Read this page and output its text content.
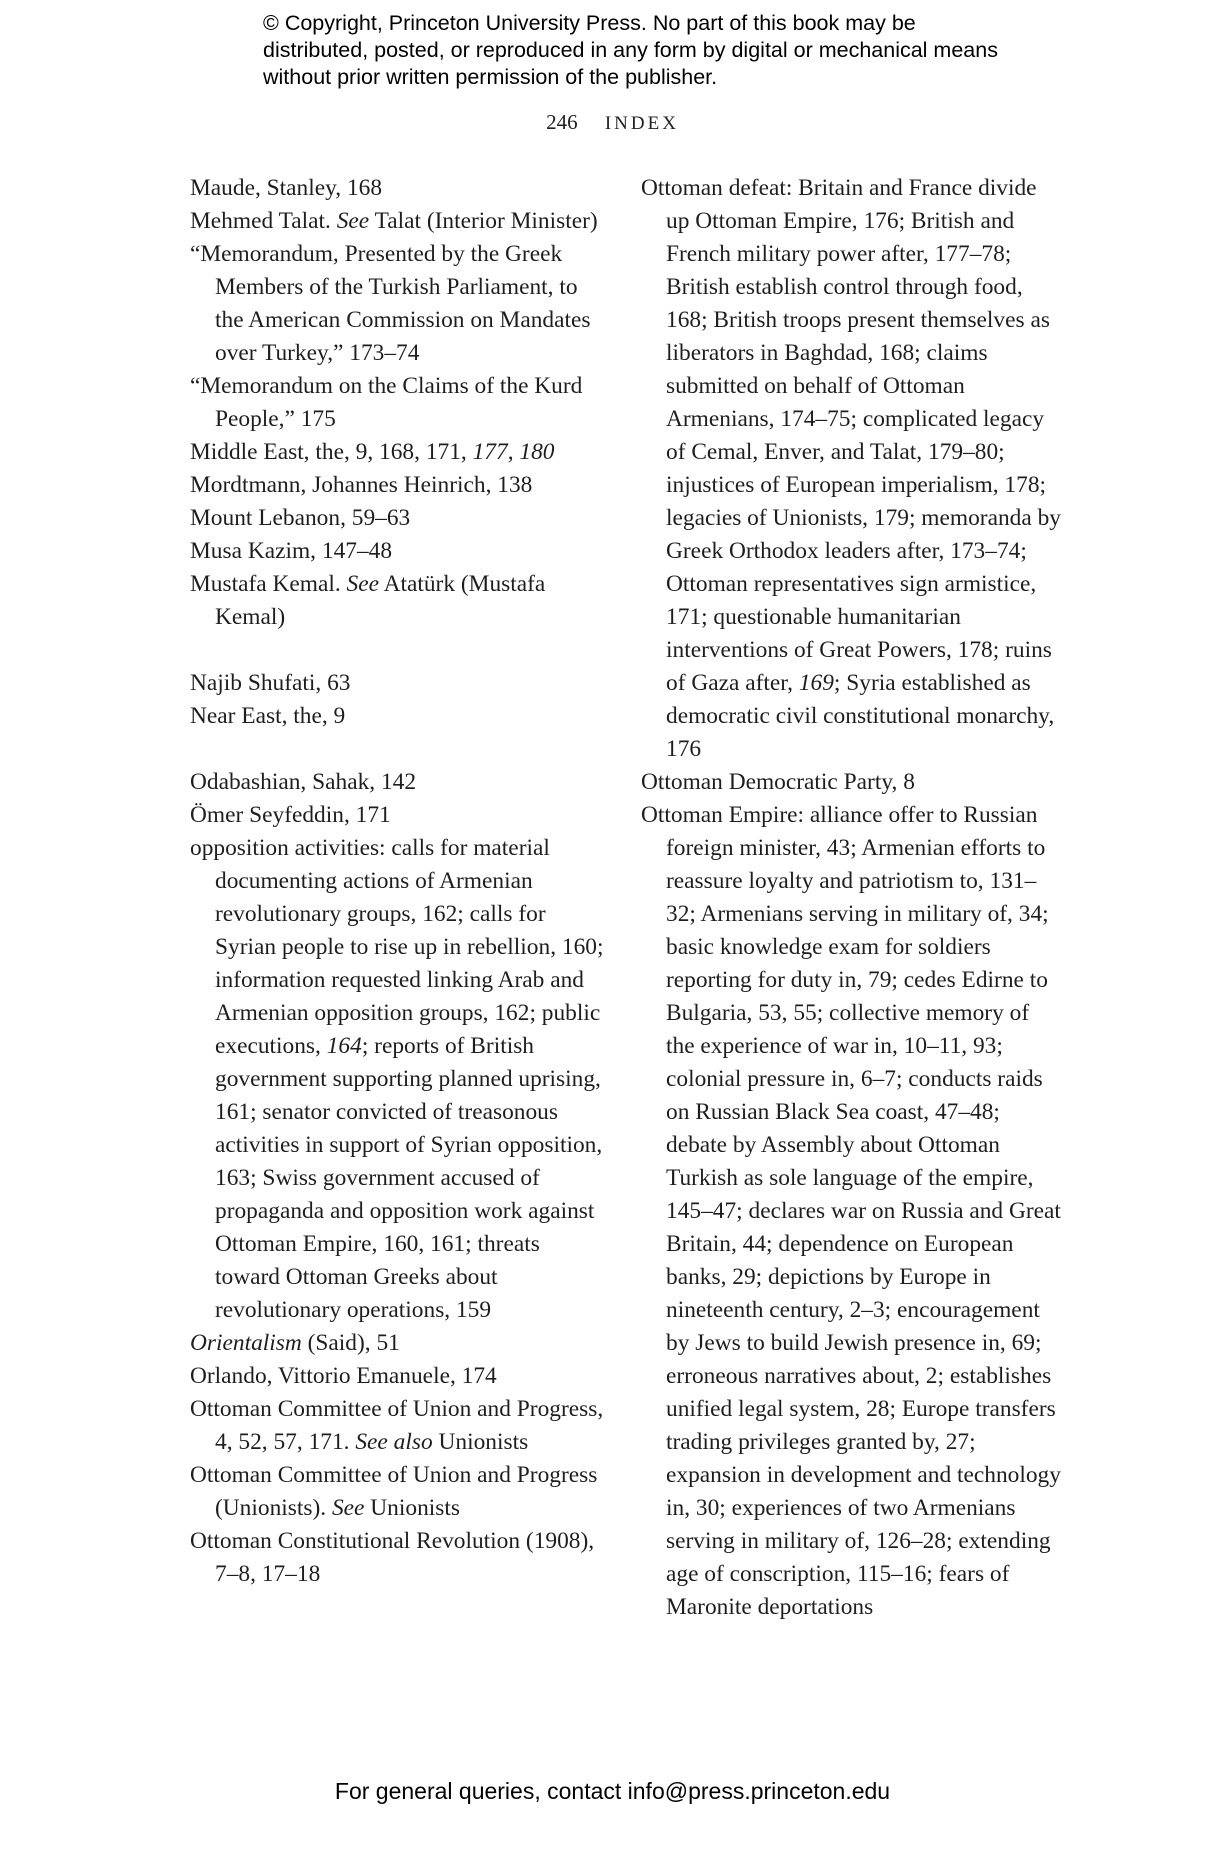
© Copyright, Princeton University Press. No part of this book may be distributed, posted, or reproduced in any form by digital or mechanical means without prior written permission of the publisher.
246 INDEX
Maude, Stanley, 168
Mehmed Talat. See Talat (Interior Minister)
“Memorandum, Presented by the Greek Members of the Turkish Parliament, to the American Commission on Mandates over Turkey,” 173–74
“Memorandum on the Claims of the Kurd People,” 175
Middle East, the, 9, 168, 171, 177, 180
Mordtmann, Johannes Heinrich, 138
Mount Lebanon, 59–63
Musa Kazim, 147–48
Mustafa Kemal. See Atatürk (Mustafa Kemal)
Najib Shufati, 63
Near East, the, 9
Odabashian, Sahak, 142
Ömer Seyfeddin, 171
opposition activities: calls for material documenting actions of Armenian revolutionary groups, 162; calls for Syrian people to rise up in rebellion, 160; information requested linking Arab and Armenian opposition groups, 162; public executions, 164; reports of British government supporting planned uprising, 161; senator convicted of treasonous activities in support of Syrian opposition, 163; Swiss government accused of propaganda and opposition work against Ottoman Empire, 160, 161; threats toward Ottoman Greeks about revolutionary operations, 159
Orientalism (Said), 51
Orlando, Vittorio Emanuele, 174
Ottoman Committee of Union and Progress, 4, 52, 57, 171. See also Unionists
Ottoman Committee of Union and Progress (Unionists). See Unionists
Ottoman Constitutional Revolution (1908), 7–8, 17–18
Ottoman defeat: Britain and France divide up Ottoman Empire, 176; British and French military power after, 177–78; British establish control through food, 168; British troops present themselves as liberators in Baghdad, 168; claims submitted on behalf of Ottoman Armenians, 174–75; complicated legacy of Cemal, Enver, and Talat, 179–80; injustices of European imperialism, 178; legacies of Unionists, 179; memoranda by Greek Orthodox leaders after, 173–74; Ottoman representatives sign armistice, 171; questionable humanitarian interventions of Great Powers, 178; ruins of Gaza after, 169; Syria established as democratic civil constitutional monarchy, 176
Ottoman Democratic Party, 8
Ottoman Empire: alliance offer to Russian foreign minister, 43; Armenian efforts to reassure loyalty and patriotism to, 131–32; Armenians serving in military of, 34; basic knowledge exam for soldiers reporting for duty in, 79; cedes Edirne to Bulgaria, 53, 55; collective memory of the experience of war in, 10–11, 93; colonial pressure in, 6–7; conducts raids on Russian Black Sea coast, 47–48; debate by Assembly about Ottoman Turkish as sole language of the empire, 145–47; declares war on Russia and Great Britain, 44; dependence on European banks, 29; depictions by Europe in nineteenth century, 2–3; encouragement by Jews to build Jewish presence in, 69; erroneous narratives about, 2; establishes unified legal system, 28; Europe transfers trading privileges granted by, 27; expansion in development and technology in, 30; experiences of two Armenians serving in military of, 126–28; extending age of conscription, 115–16; fears of Maronite deportations
For general queries, contact info@press.princeton.edu
